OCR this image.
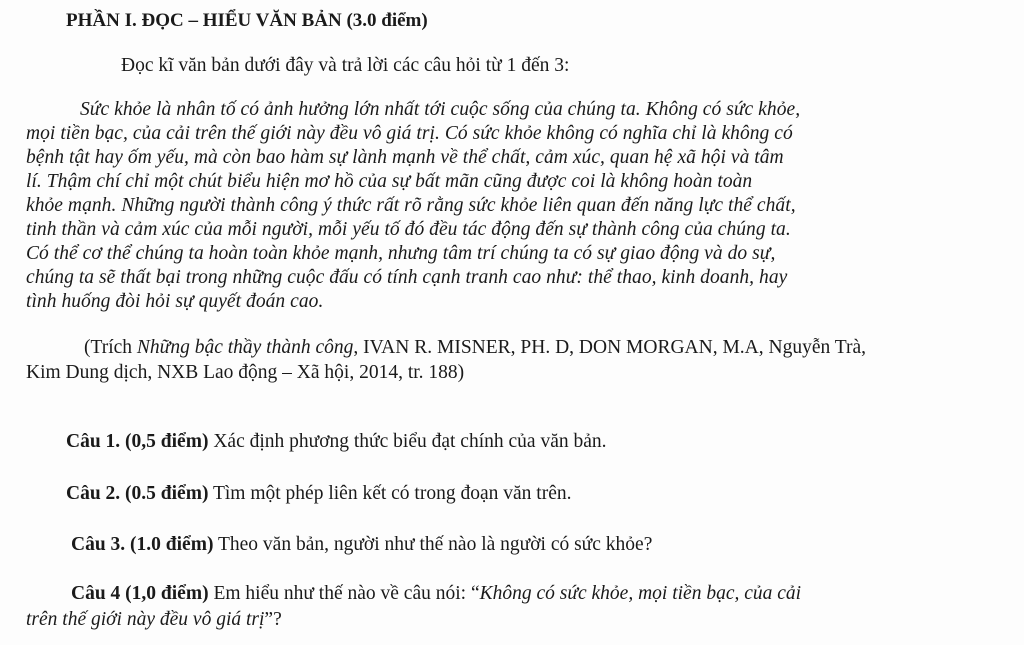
PHẦN I. ĐỌC – HIỂU VĂN BẢN (3.0 điểm)
Đọc kĩ văn bản dưới đây và trả lời các câu hỏi từ 1 đến 3:
Sức khỏe là nhân tố có ảnh hưởng lớn nhất tới cuộc sống của chúng ta. Không có sức khỏe,
mọi tiền bạc, của cải trên thế giới này đều vô giá trị. Có sức khỏe không có nghĩa chỉ là không có
bệnh tật hay ốm yếu, mà còn bao hàm sự lành mạnh về thể chất, cảm xúc, quan hệ xã hội và tâm
lí. Thậm chí chỉ một chút biểu hiện mơ hồ của sự bất mãn cũng được coi là không hoàn toàn
khỏe mạnh. Những người thành công ý thức rất rõ rằng sức khỏe liên quan đến năng lực thể chất,
tinh thần và cảm xúc của mỗi người, mỗi yếu tố đó đều tác động đến sự thành công của chúng ta.
Có thể cơ thể chúng ta hoàn toàn khỏe mạnh, nhưng tâm trí chúng ta có sự giao động và do sự,
chúng ta sẽ thất bại trong những cuộc đấu có tính cạnh tranh cao như: thể thao, kinh doanh, hay
tình huống đòi hỏi sự quyết đoán cao.
(Trích Những bậc thầy thành công, IVAN R. MISNER, PH. D, DON MORGAN, M.A, Nguyễn Trà,
Kim Dung dịch, NXB Lao động – Xã hội, 2014, tr. 188)
Câu 1. (0,5 điểm) Xác định phương thức biểu đạt chính của văn bản.
Câu 2. (0.5 điểm) Tìm một phép liên kết có trong đoạn văn trên.
Câu 3. (1.0 điểm) Theo văn bản, người như thế nào là người có sức khỏe?
Câu 4 (1,0 điểm) Em hiểu như thế nào về câu nói: “Không có sức khỏe, mọi tiền bạc, của cải
trên thế giới này đều vô giá trị”?
